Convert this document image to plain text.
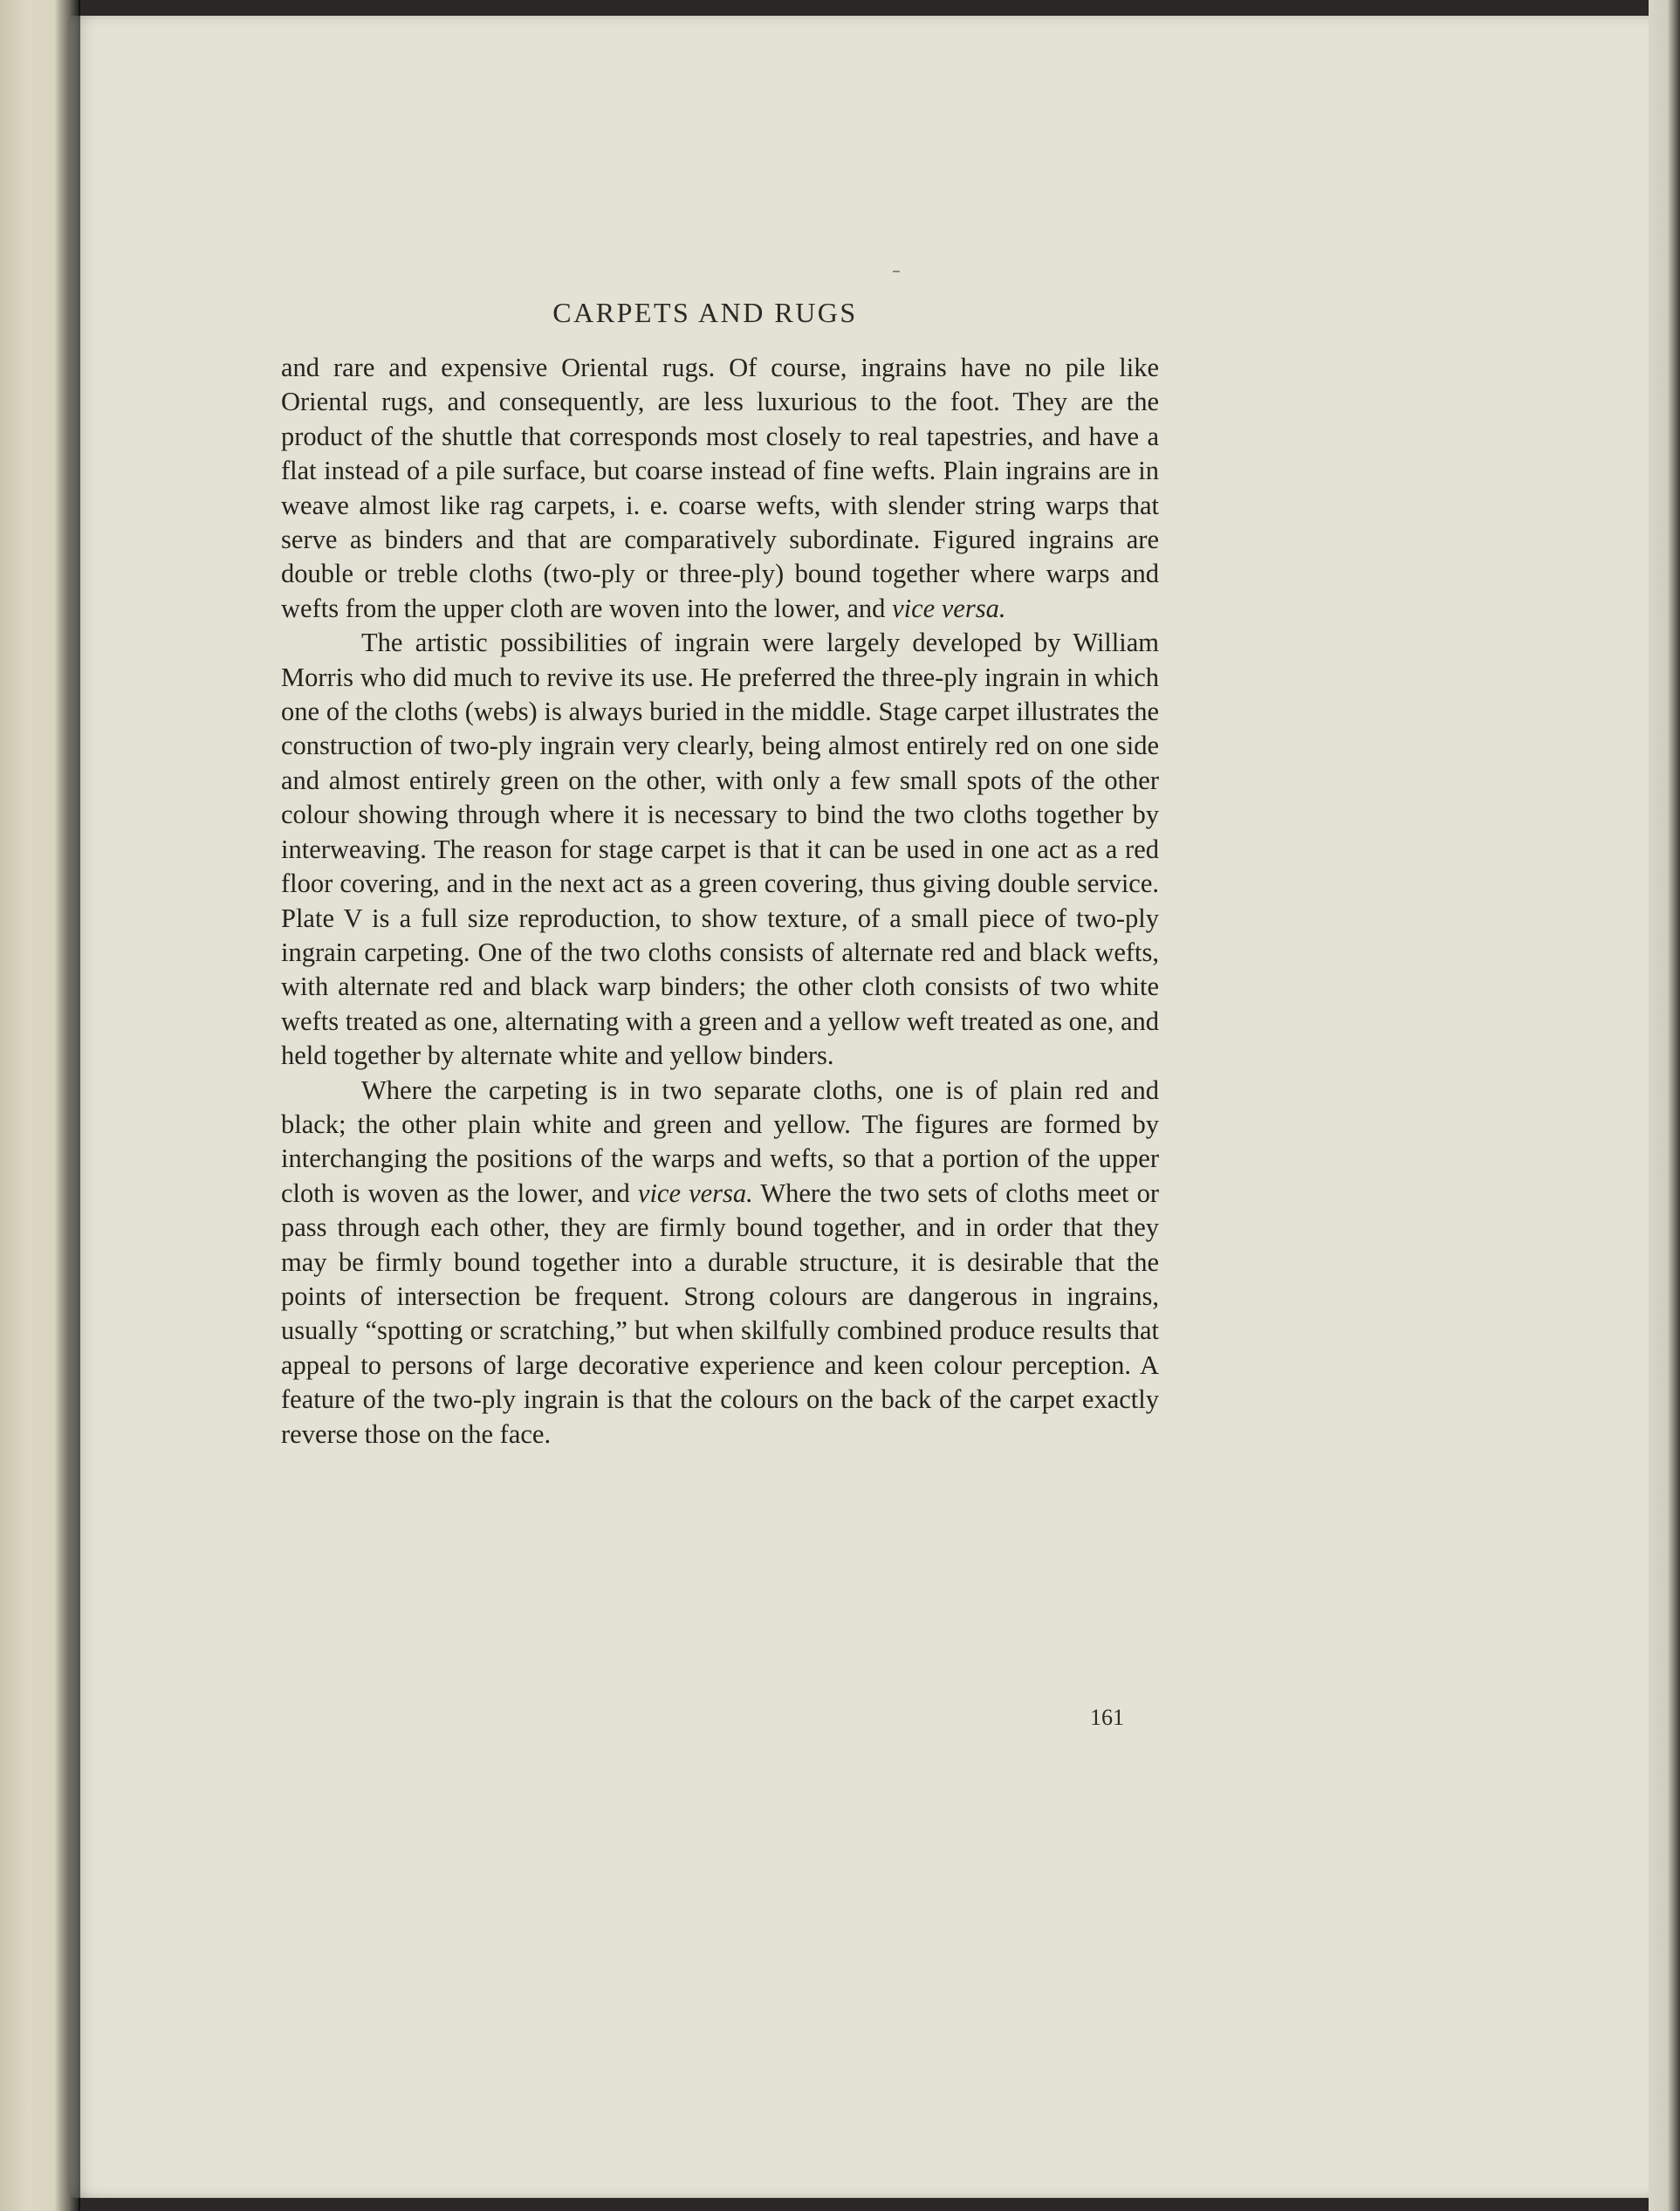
CARPETS AND RUGS

and rare and expensive Oriental rugs. Of course, ingrains have no pile like Oriental rugs, and consequently, are less luxurious to the foot. They are the product of the shuttle that corresponds most closely to real tapestries, and have a flat instead of a pile surface, but coarse instead of fine wefts. Plain ingrains are in weave almost like rag carpets, i. e. coarse wefts, with slender string warps that serve as binders and that are comparatively subordinate. Figured ingrains are double or treble cloths (two-ply or three-ply) bound together where warps and wefts from the upper cloth are woven into the lower, and vice versa.

The artistic possibilities of ingrain were largely developed by William Morris who did much to revive its use. He preferred the three-ply ingrain in which one of the cloths (webs) is always buried in the middle. Stage carpet illustrates the construction of two-ply ingrain very clearly, being almost entirely red on one side and almost entirely green on the other, with only a few small spots of the other colour showing through where it is necessary to bind the two cloths together by interweaving. The reason for stage carpet is that it can be used in one act as a red floor covering, and in the next act as a green covering, thus giving double service. Plate V is a full size reproduction, to show texture, of a small piece of two-ply ingrain carpeting. One of the two cloths consists of alternate red and black wefts, with alternate red and black warp binders; the other cloth consists of two white wefts treated as one, alternating with a green and a yellow weft treated as one, and held together by alternate white and yellow binders.

Where the carpeting is in two separate cloths, one is of plain red and black; the other plain white and green and yellow. The figures are formed by interchanging the positions of the warps and wefts, so that a portion of the upper cloth is woven as the lower, and vice versa. Where the two sets of cloths meet or pass through each other, they are firmly bound together, and in order that they may be firmly bound together into a durable structure, it is desirable that the points of intersection be frequent. Strong colours are dangerous in ingrains, usually “spotting or scratching,” but when skilfully combined produce results that appeal to persons of large decorative experience and keen colour perception. A feature of the two-ply ingrain is that the colours on the back of the carpet exactly reverse those on the face.

161
